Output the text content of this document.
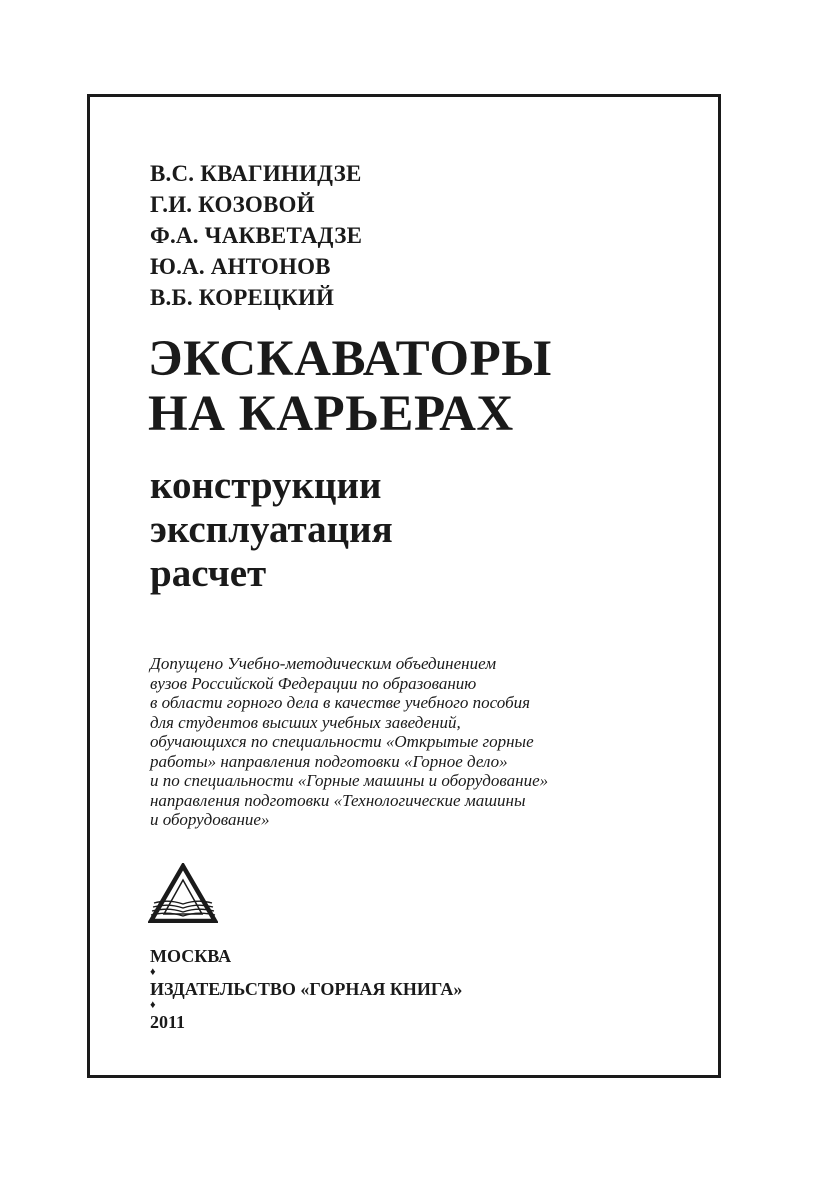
В.С. КВАГИНИДЗЕ
Г.И. КОЗОВОЙ
Ф.А. ЧАКВЕТАДЗЕ
Ю.А. АНТОНОВ
В.Б. КОРЕЦКИЙ
ЭКСКАВАТОРЫ
НА КАРЬЕРАХ
конструкции
эксплуатация
расчет

Допущено Учебно-методическим объединением
вузов Российской Федерации по образованию
в области горного дела в качестве учебного пособия
для студентов высших учебных заведений,
обучающихся по специальности «Открытые горные
работы» направления подготовки «Горное дело»
и по специальности «Горные машины и оборудование»
направления подготовки «Технологические машины
и оборудование»

МОСКВА
♦
ИЗДАТЕЛЬСТВО «ГОРНАЯ КНИГА»
♦
2011
